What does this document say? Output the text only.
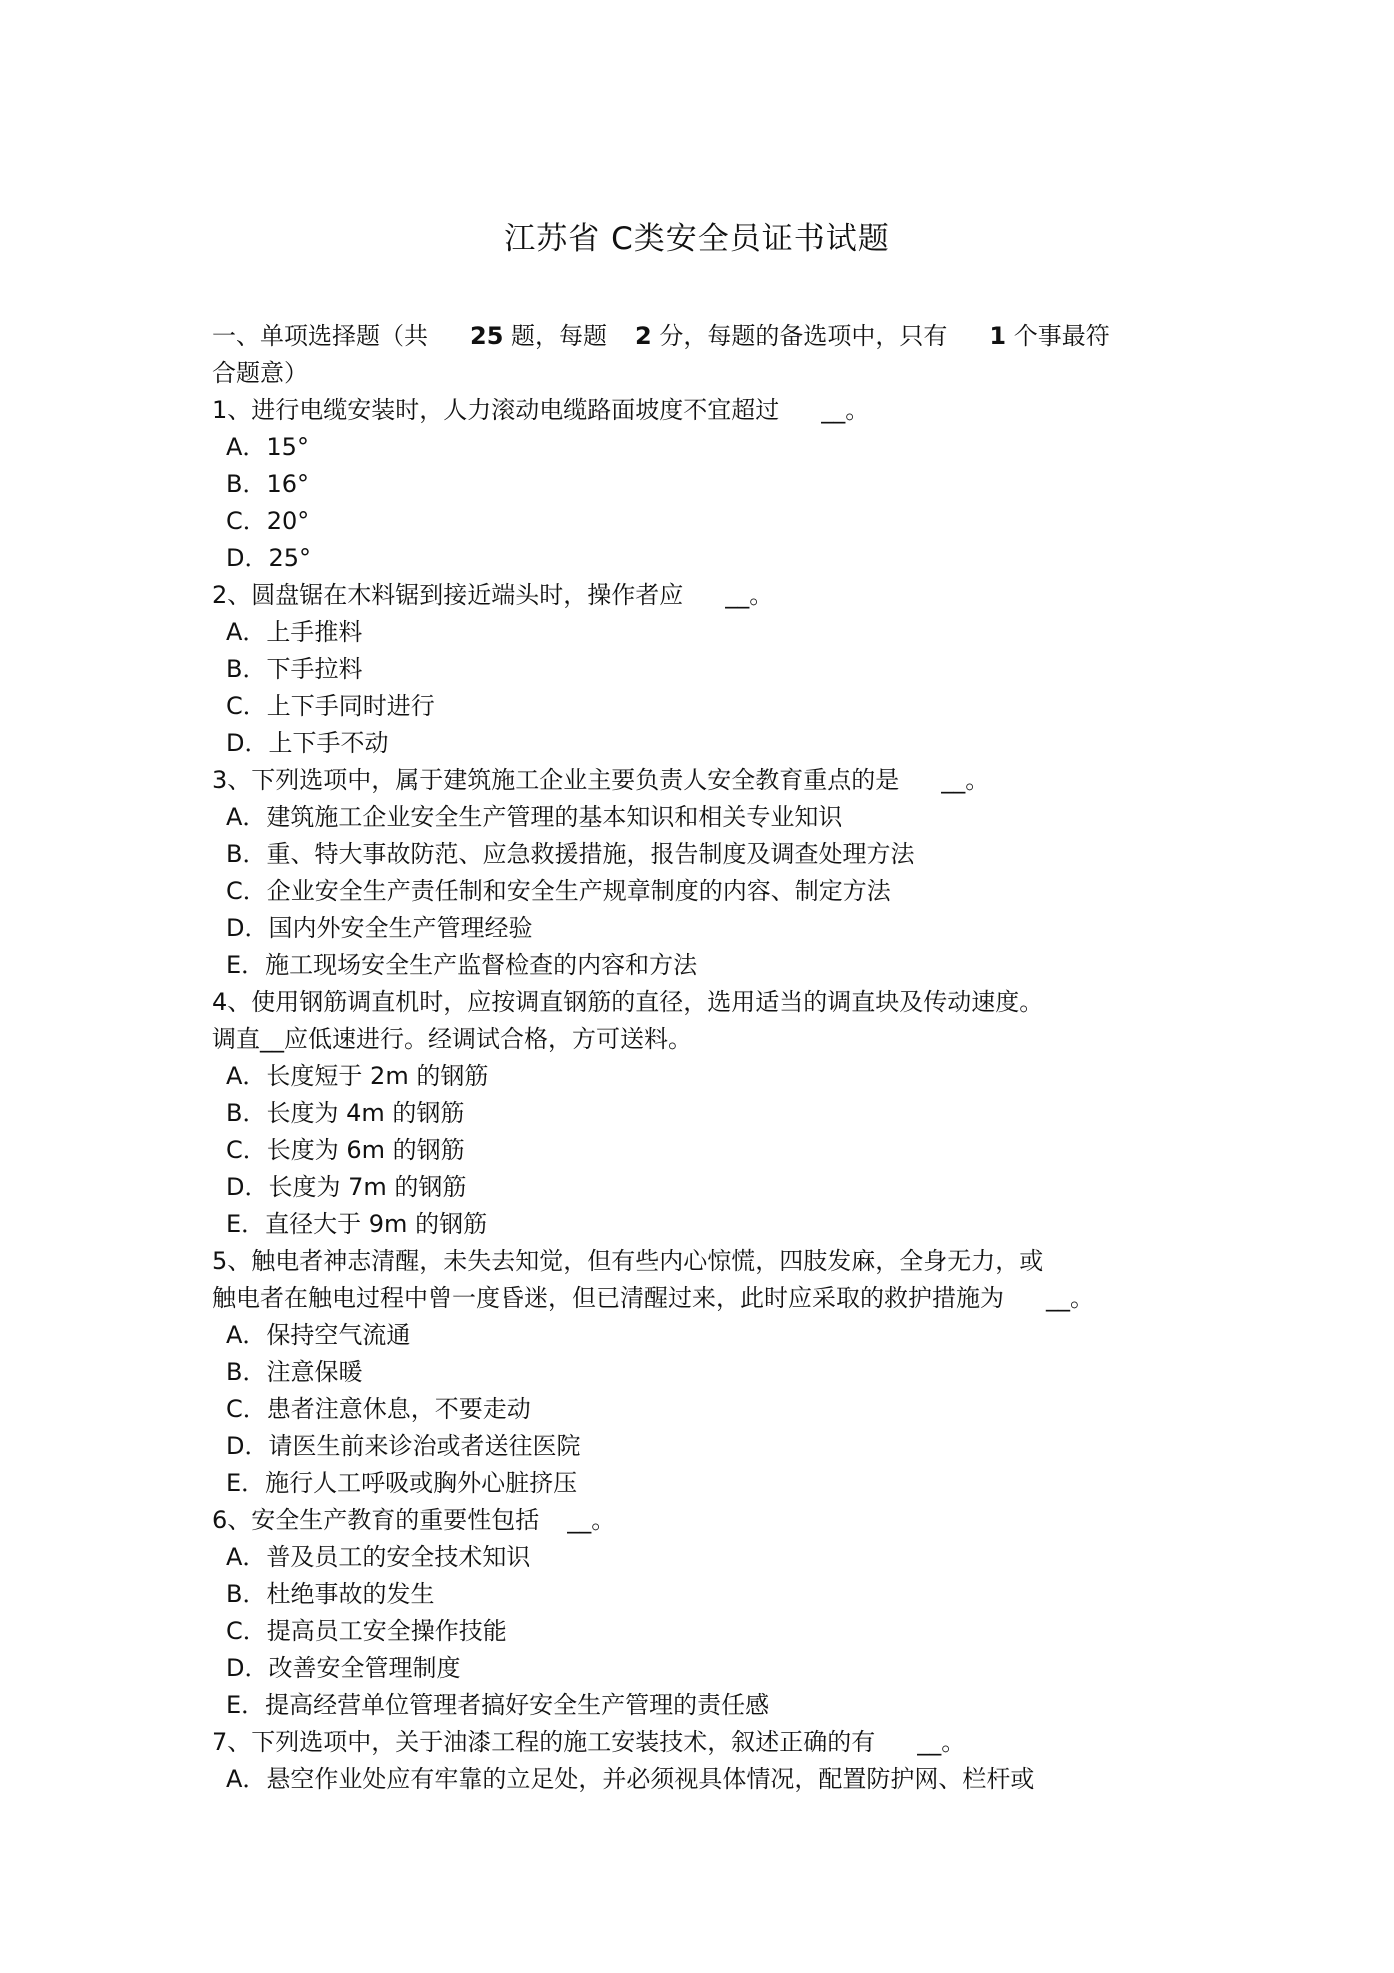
江苏省 C类安全员证书试题
一、单项选择题（共 25 题，每题 2 分，每题的备选项中，只有 1 个事最符
合题意）
1、进行电缆安装时，人力滚动电缆路面坡度不宜超过 __。
A．15°
B．16°
C．20°
D．25°
2、圆盘锯在木料锯到接近端头时，操作者应 __。
A．上手推料
B．下手拉料
C．上下手同时进行
D．上下手不动
3、下列选项中，属于建筑施工企业主要负责人安全教育重点的是 __。
A．建筑施工企业安全生产管理的基本知识和相关专业知识
B．重、特大事故防范、应急救援措施，报告制度及调查处理方法
C．企业安全生产责任制和安全生产规章制度的内容、制定方法
D．国内外安全生产管理经验
E．施工现场安全生产监督检查的内容和方法
4、使用钢筋调直机时，应按调直钢筋的直径，选用适当的调直块及传动速度。
调直__应低速进行。经调试合格，方可送料。
A．长度短于 2m 的钢筋
B．长度为 4m 的钢筋
C．长度为 6m 的钢筋
D．长度为 7m 的钢筋
E．直径大于 9m 的钢筋
5、触电者神志清醒，未失去知觉，但有些内心惊慌，四肢发麻，全身无力，或
触电者在触电过程中曾一度昏迷，但已清醒过来，此时应采取的救护措施为 __。
A．保持空气流通
B．注意保暖
C．患者注意休息，不要走动
D．请医生前来诊治或者送往医院
E．施行人工呼吸或胸外心脏挤压
6、安全生产教育的重要性包括 __。
A．普及员工的安全技术知识
B．杜绝事故的发生
C．提高员工安全操作技能
D．改善安全管理制度
E．提高经营单位管理者搞好安全生产管理的责任感
7、下列选项中，关于油漆工程的施工安装技术，叙述正确的有 __。
A．悬空作业处应有牢靠的立足处，并必须视具体情况，配置防护网、栏杆或
